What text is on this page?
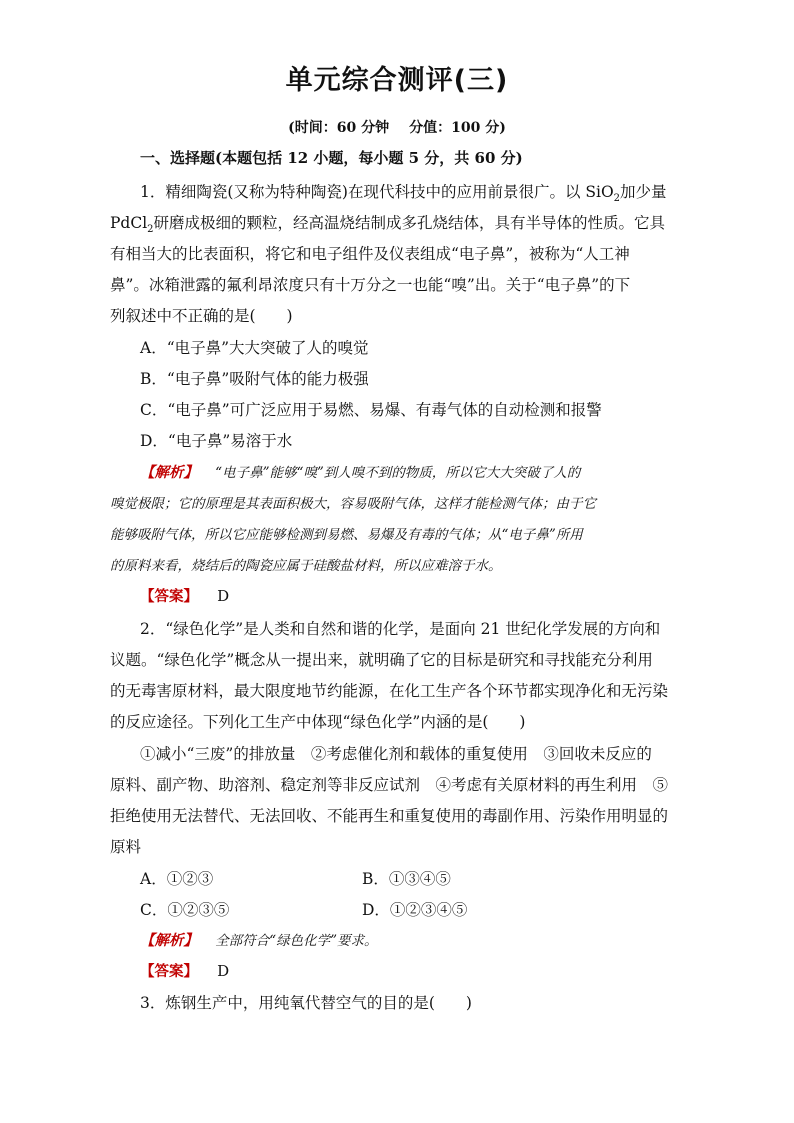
单元综合测评(三)
(时间：60 分钟 分值：100 分)
一、选择题(本题包括 12 小题，每小题 5 分，共 60 分)
1．精细陶瓷(又称为特种陶瓷)在现代科技中的应用前景很广。以 SiO$_2$加少量
PdCl$_2$研磨成极细的颗粒，经高温烧结制成多孔烧结体，具有半导体的性质。它具
有相当大的比表面积，将它和电子组件及仪表组成“电子鼻”，被称为“人工神
鼻”。冰箱泄露的氟利昂浓度只有十万分之一也能“嗅”出。关于“电子鼻”的下
列叙述中不正确的是(　　)
A．“电子鼻”大大突破了人的嗅觉
B．“电子鼻”吸附气体的能力极强
C．“电子鼻”可广泛应用于易燃、易爆、有毒气体的自动检测和报警
D．“电子鼻”易溶于水
【解析】 “电子鼻”能够“嗅”到人嗅不到的物质，所以它大大突破了人的
嗅觉极限；它的原理是其表面积极大，容易吸附气体，这样才能检测气体；由于它
能够吸附气体，所以它应能够检测到易燃、易爆及有毒的气体；从“电子鼻”所用
的原料来看，烧结后的陶瓷应属于硅酸盐材料，所以应难溶于水。
【答案】 D
2．“绿色化学”是人类和自然和谐的化学，是面向 21 世纪化学发展的方向和
议题。“绿色化学”概念从一提出来，就明确了它的目标是研究和寻找能充分利用
的无毒害原材料，最大限度地节约能源，在化工生产各个环节都实现净化和无污染
的反应途径。下列化工生产中体现“绿色化学”内涵的是(　　)
①减小“三废”的排放量　②考虑催化剂和载体的重复使用　③回收未反应的
原料、副产物、助溶剂、稳定剂等非反应试剂　④考虑有关原材料的再生利用　⑤
拒绝使用无法替代、无法回收、不能再生和重复使用的毒副作用、污染作用明显的
原料
A．①②③	B．①③④⑤
C．①②③⑤	D．①②③④⑤
【解析】 全部符合“绿色化学”要求。
【答案】 D
3．炼钢生产中，用纯氧代替空气的目的是(　　)
